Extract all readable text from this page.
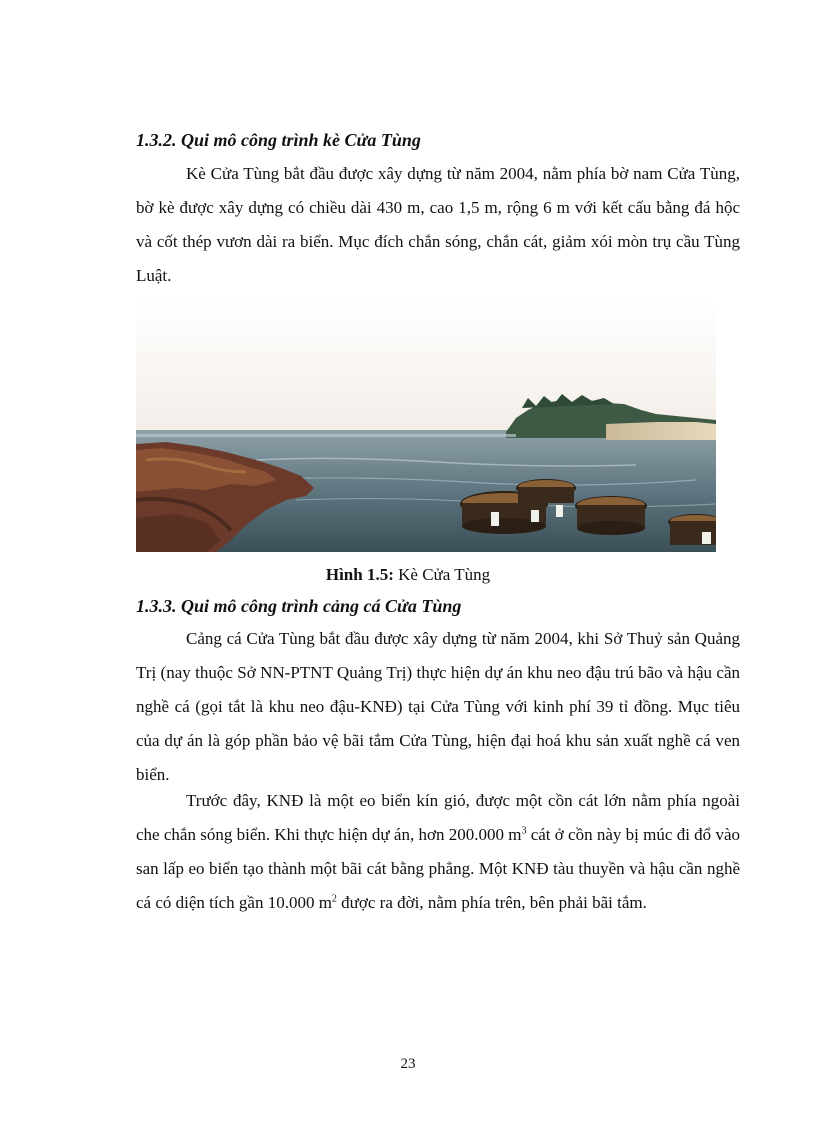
1.3.2. Qui mô công trình kè Cửa Tùng

Kè Cửa Tùng bắt đầu được xây dựng từ năm 2004, nằm phía bờ nam Cửa Tùng, bờ kè được xây dựng có chiều dài 430 m, cao 1,5 m, rộng 6 m với kết cấu bằng đá hộc và cốt thép vươn dài ra biển. Mục đích chắn sóng, chắn cát, giảm xói mòn trụ cầu Tùng Luật.

Hình 1.5: Kè Cửa Tùng
1.3.3. Qui mô công trình cảng cá Cửa Tùng

Cảng cá Cửa Tùng bắt đầu được xây dựng từ năm 2004, khi Sở Thuỷ sản Quảng Trị (nay thuộc Sở NN-PTNT Quảng Trị) thực hiện dự án khu neo đậu trú bão và hậu cần nghề cá (gọi tắt là khu neo đậu-KNĐ) tại Cửa Tùng với kinh phí 39 tỉ đồng. Mục tiêu của dự án là góp phần bảo vệ bãi tắm Cửa Tùng, hiện đại hoá khu sản xuất nghề cá ven biển.

Trước đây, KNĐ là một eo biển kín gió, được một cồn cát lớn nằm phía ngoài che chắn sóng biển. Khi thực hiện dự án, hơn 200.000 $m^3$ cát ở cồn này bị múc đi đổ vào san lấp eo biển tạo thành một bãi cát bằng phẳng. Một KNĐ tàu thuyền và hậu cần nghề cá có diện tích gần 10.000 $m^2$ được ra đời, nằm phía trên, bên phải bãi tắm.

23
